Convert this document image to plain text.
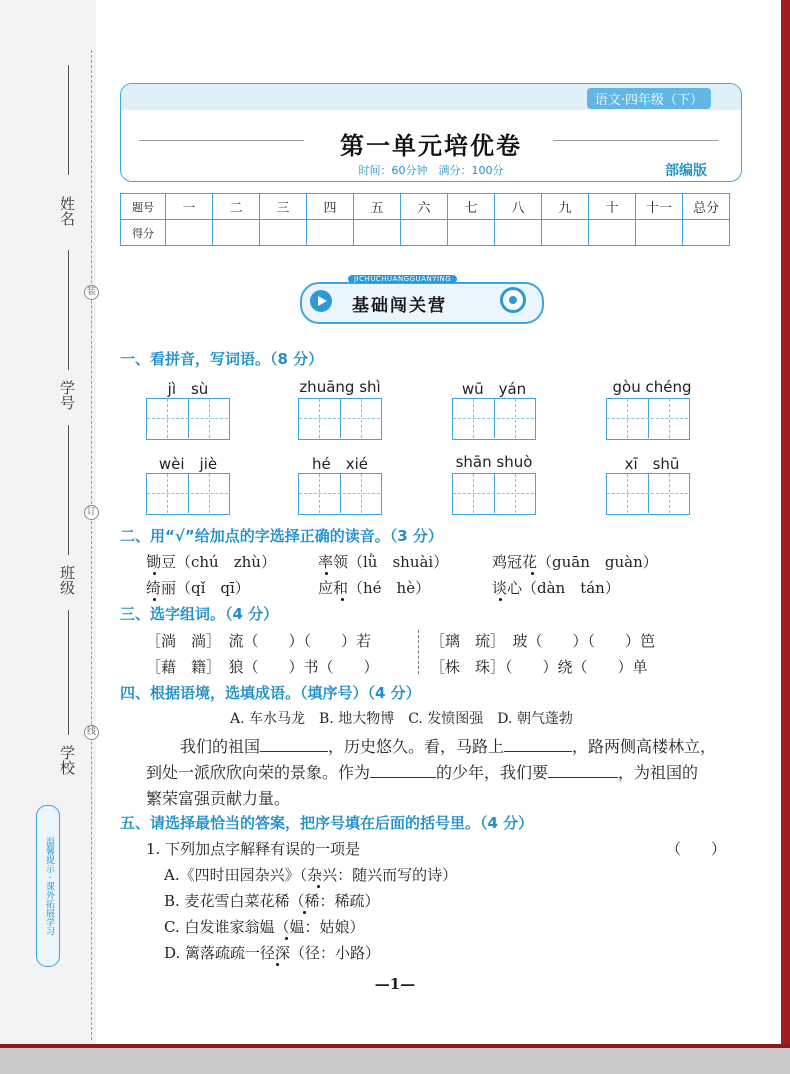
姓名
学号
班级
学校
装
订
线
温馨提示 · 课外拓展学习
语文·四年级（下）
第一单元培优卷
时间：60分钟　满分：100分	部编版
题号	一	二	三	四	五	六	七	八	九	十	十一	总分
得分												
JICHUCHUANGGUANYING
基础闯关营
一、看拼音，写词语。（8 分）
jì　sù	zhuāng shì	wū　yán	gòu chéng
wèi　jiè	hé　xié	shān shuò	xī　shū
二、用“√”给加点的字选择正确的读音。（3 分）
锄豆（chú　zhù）	率领（lǜ　shuài）	鸡冠花（guān　guàn）
绮丽（qǐ　qī）	应和（hé　hè）	谈心（dàn　tán）
三、选字组词。（4 分）
［淌　淌］　流（　　）（　　）若	［璃　琉］　玻（　　）（　　）笆
［藉　籍］　狼（　　）书（　　）	［株　珠］（　　）绕（　　）单
四、根据语境，选填成语。（填序号）（4 分）
A. 车水马龙　B. 地大物博　C. 发愤图强　D. 朝气蓬勃
我们的祖国	，历史悠久。看，马路上	，路两侧高楼林立，
到处一派欣欣向荣的景象。作为	的少年，我们要	，为祖国的
繁荣富强贡献力量。
五、请选择最恰当的答案，把序号填在后面的括号里。（4 分）
1. 下列加点字解释有误的一项是	（　　）
A.《四时田园杂兴》（杂兴：随兴而写的诗）
B. 麦花雪白菜花稀（稀：稀疏）
C. 白发谁家翁媪（媪：姑娘）
D. 篱落疏疏一径深（径：小路）
—1—
